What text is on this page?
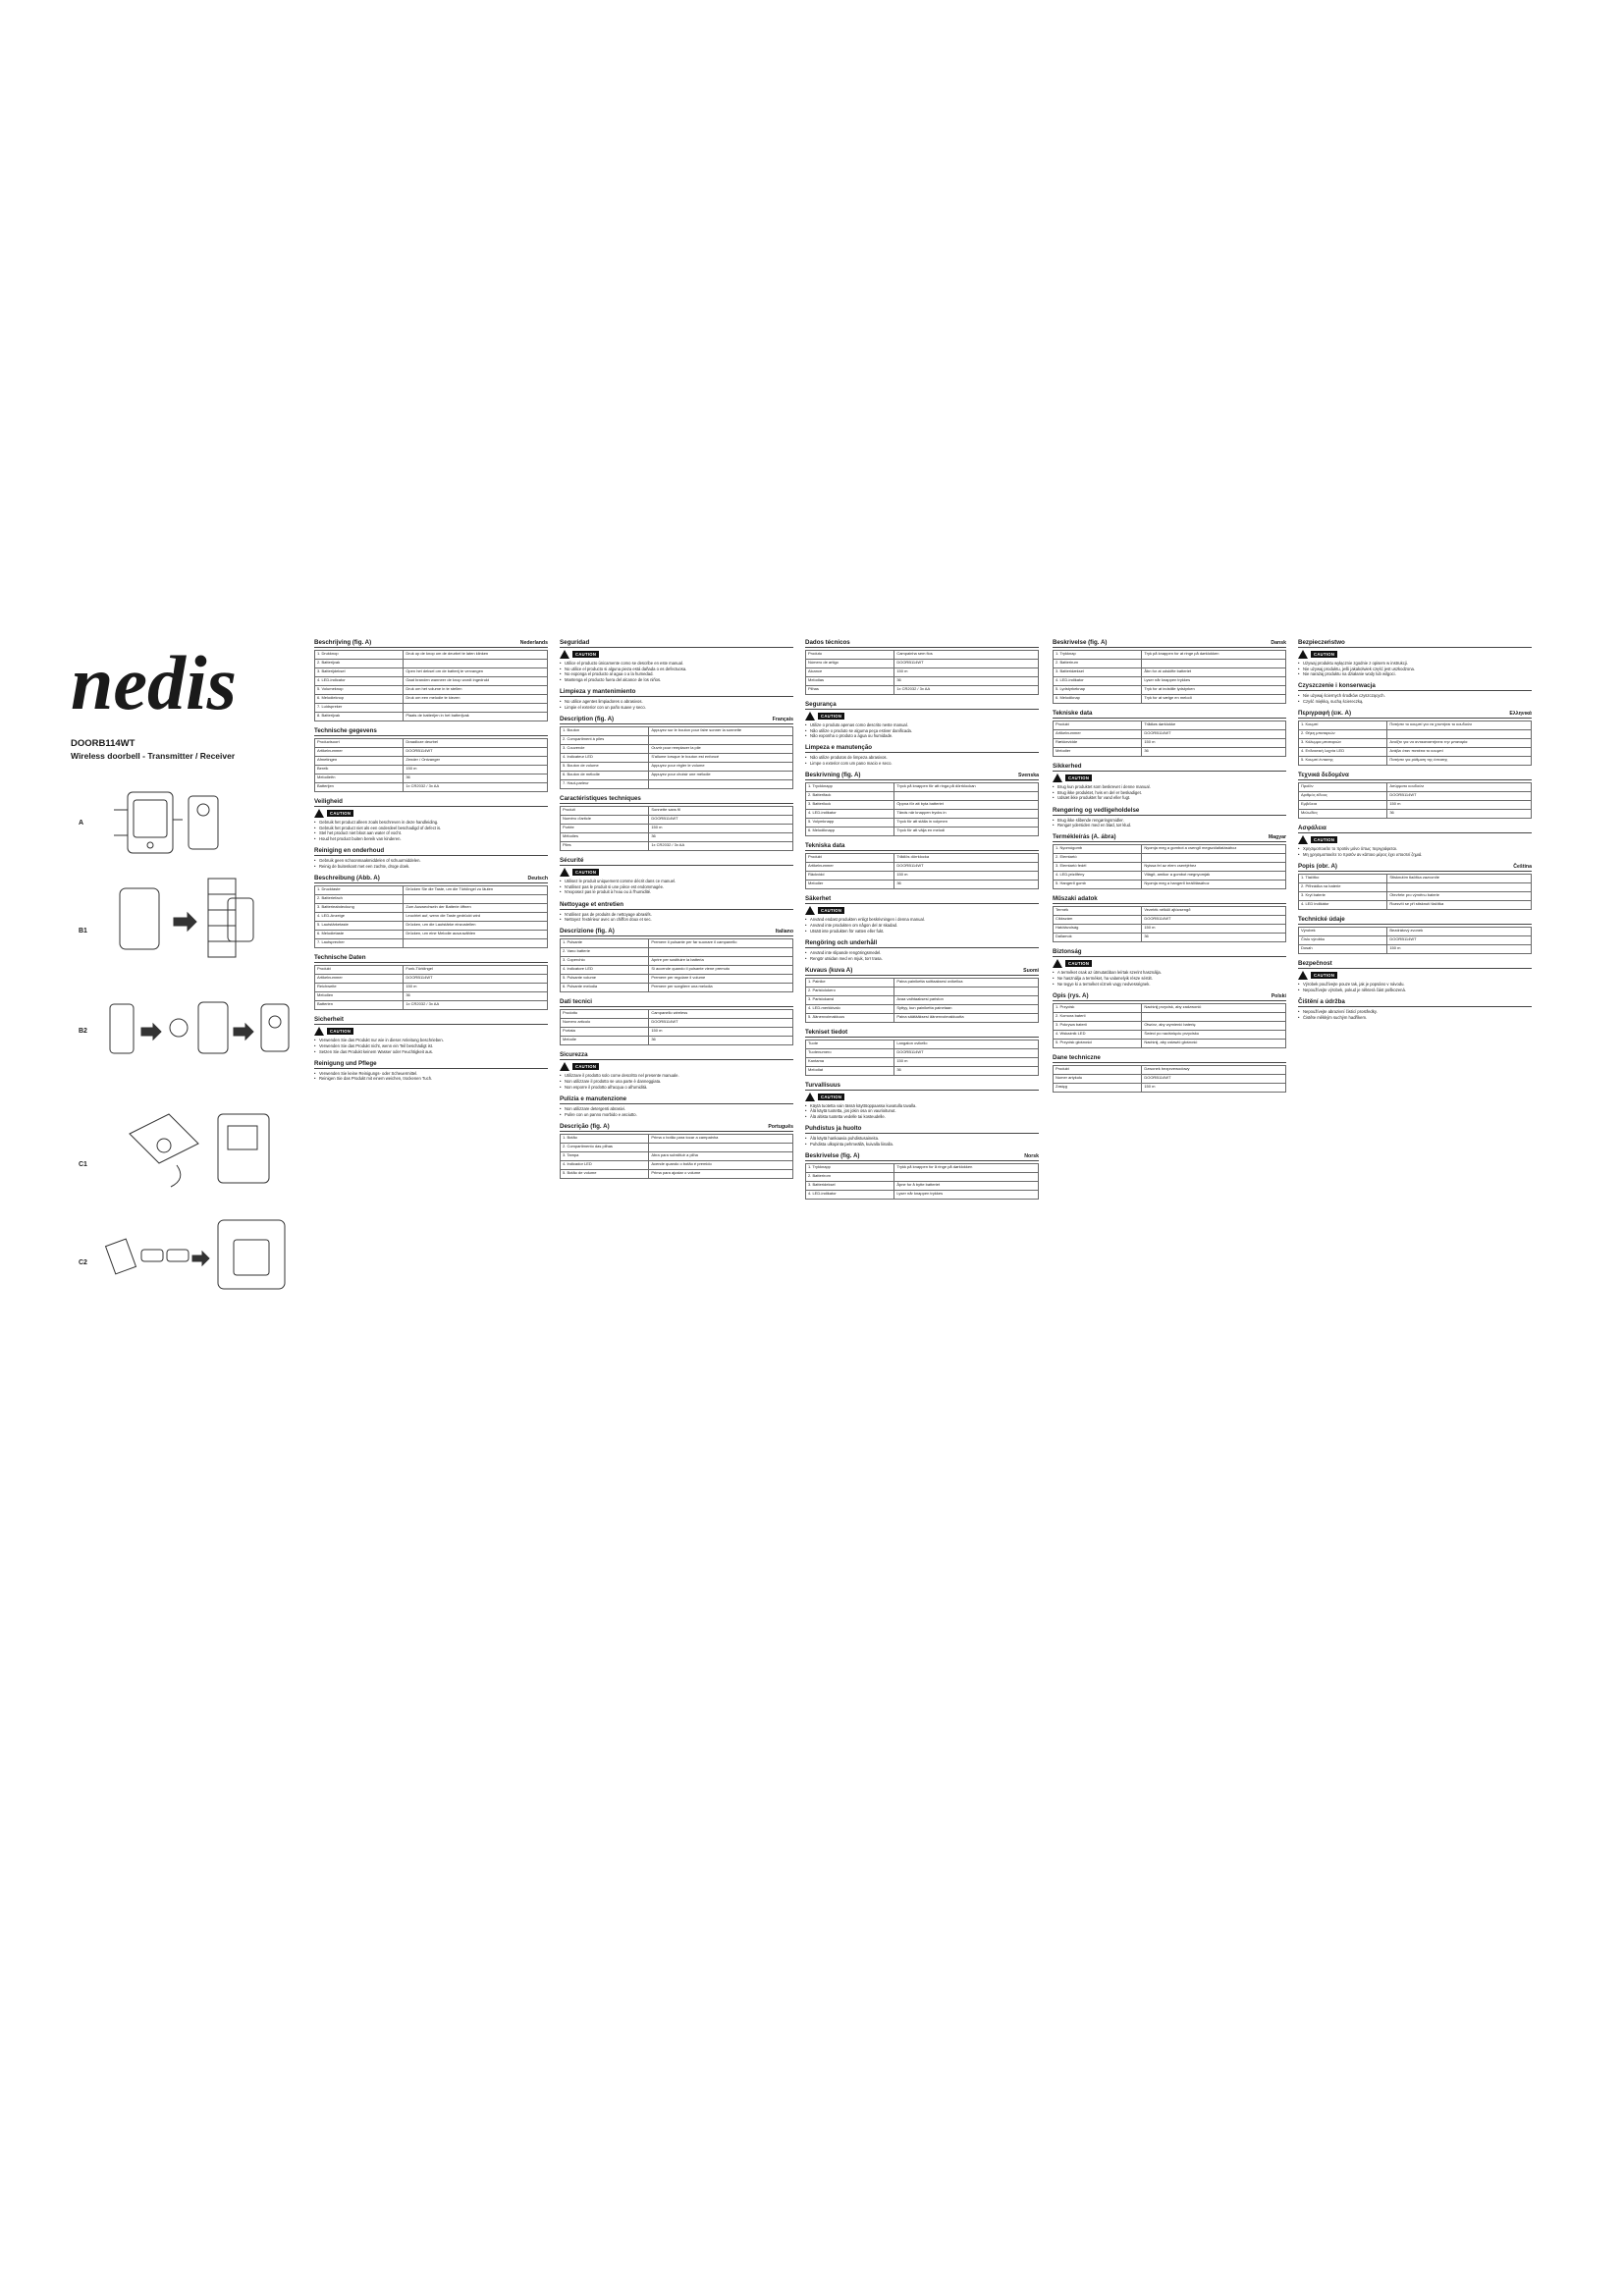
nedis
DOORB114WT
Wireless doorbell - Transmitter / Receiver
A
B1
B2
C1
C2
Beschrijving (fig. A)	Nederlands
1. Drukknop	Druk op de knop om de deurbel te laten klinken
2. Batterijvak	
3. Batterijdeksel	Open het deksel om de batterij te vervangen
4. LED-indicator	Gaat branden wanneer de knop wordt ingedrukt
5. Volumeknop	Druk om het volume in te stellen
6. Melodieknop	Druk om een melodie te kiezen
7. Luidspreker	
8. Batterijvak	Plaats de batterijen in het batterijvak
Technische gegevens
Productsoort	Draadloze deurbel
Artikelnummer	DOORB114WT
Afmetingen	Zender / Ontvanger
Bereik	150 m
Melodieën	36
Batterijen	1x CR2032 / 3x AA
Veiligheid
CAUTION
• Gebruik het product alleen zoals beschreven in deze handleiding.
• Gebruik het product niet als een onderdeel beschadigd of defect is.
• Stel het product niet bloot aan water of vocht.
• Houd het product buiten bereik van kinderen.
Reiniging en onderhoud
• Gebruik geen schoonmaakmiddelen of schuurmiddelen.
• Reinig de buitenkant met een zachte, droge doek.
Beschreibung (Abb. A)	Deutsch
1. Drucktaste	Drücken Sie die Taste, um die Türklingel zu läuten
2. Batteriefach	
3. Batterieabdeckung	Zum Auswechseln der Batterie öffnen
4. LED-Anzeige	Leuchtet auf, wenn die Taste gedrückt wird
5. Lautstärketaste	Drücken, um die Lautstärke einzustellen
6. Melodietaste	Drücken, um eine Melodie auszuwählen
7. Lautsprecher	
Technische Daten
Produkt	Funk-Türklingel
Artikelnummer	DOORB114WT
Reichweite	150 m
Melodien	36
Batterien	1x CR2032 / 3x AA
Sicherheit
CAUTION
• Verwenden Sie das Produkt nur wie in dieser Anleitung beschrieben.
• Verwenden Sie das Produkt nicht, wenn ein Teil beschädigt ist.
• Setzen Sie das Produkt keinem Wasser oder Feuchtigkeit aus.
Reinigung und Pflege
• Verwenden Sie keine Reinigungs- oder Scheuermittel.
• Reinigen Sie das Produkt mit einem weichen, trockenen Tuch.
Seguridad
CAUTION
• Utilice el producto únicamente como se describe en este manual.
• No utilice el producto si alguna pieza está dañada o es defectuosa.
• No exponga el producto al agua o a la humedad.
• Mantenga el producto fuera del alcance de los niños.
Limpieza y mantenimiento
• No utilice agentes limpiadores o abrasivos.
• Limpie el exterior con un paño suave y seco.
Description (fig. A)	Français
1. Bouton	Appuyez sur le bouton pour faire sonner la sonnette
2. Compartiment à piles	
3. Couvercle	Ouvrir pour remplacer la pile
4. Indicateur LED	S'allume lorsque le bouton est enfoncé
5. Bouton de volume	Appuyez pour régler le volume
6. Bouton de mélodie	Appuyez pour choisir une mélodie
7. Haut-parleur	
Caractéristiques techniques
Produit	Sonnette sans fil
Numéro d'article	DOORB114WT
Portée	150 m
Mélodies	36
Piles	1x CR2032 / 3x AA
Sécurité
CAUTION
• Utilisez le produit uniquement comme décrit dans ce manuel.
• N'utilisez pas le produit si une pièce est endommagée.
• N'exposez pas le produit à l'eau ou à l'humidité.
Nettoyage et entretien
• N'utilisez pas de produits de nettoyage abrasifs.
• Nettoyez l'extérieur avec un chiffon doux et sec.
Descrizione (fig. A)	Italiano
1. Pulsante	Premere il pulsante per far suonare il campanello
2. Vano batterie	
3. Coperchio	Aprire per sostituire la batteria
4. Indicatore LED	Si accende quando il pulsante viene premuto
5. Pulsante volume	Premere per regolare il volume
6. Pulsante melodia	Premere per scegliere una melodia
Dati tecnici
Prodotto	Campanello wireless
Numero articolo	DOORB114WT
Portata	150 m
Melodie	36
Sicurezza
CAUTION
• Utilizzare il prodotto solo come descritto nel presente manuale.
• Non utilizzare il prodotto se una parte è danneggiata.
• Non esporre il prodotto all'acqua o all'umidità.
Pulizia e manutenzione
• Non utilizzare detergenti abrasivi.
• Pulire con un panno morbido e asciutto.
Descrição (fig. A)	Português
1. Botão	Prima o botão para tocar a campainha
2. Compartimento das pilhas	
3. Tampa	Abra para substituir a pilha
4. Indicador LED	Acende quando o botão é premido
5. Botão de volume	Prima para ajustar o volume
Dados técnicos
Produto	Campainha sem fios
Número de artigo	DOORB114WT
Alcance	150 m
Melodias	36
Pilhas	1x CR2032 / 3x AA
Segurança
CAUTION
• Utilize o produto apenas como descrito neste manual.
• Não utilize o produto se alguma peça estiver danificada.
• Não exponha o produto a água ou humidade.
Limpeza e manutenção
• Não utilize produtos de limpeza abrasivos.
• Limpe o exterior com um pano macio e seco.
Beskrivning (fig. A)	Svenska
1. Tryckknapp	Tryck på knappen för att ringa på dörrklockan
2. Batterifack	
3. Batterilock	Öppna för att byta batteriet
4. LED-indikator	Tänds när knappen trycks in
5. Volymknapp	Tryck för att ställa in volymen
6. Melodiknapp	Tryck för att välja en melodi
Tekniska data
Produkt	Trådlös dörrklocka
Artikelnummer	DOORB114WT
Räckvidd	150 m
Melodier	36
Säkerhet
CAUTION
• Använd endast produkten enligt beskrivningen i denna manual.
• Använd inte produkten om någon del är skadad.
• Utsätt inte produkten för vatten eller fukt.
Rengöring och underhåll
• Använd inte slipande rengöringsmedel.
• Rengör utsidan med en mjuk, torr trasa.
Kuvaus (kuva A)	Suomi
1. Painike	Paina painiketta soittaaksesi ovikelloa
2. Paristolokero	
3. Paristokansi	Avaa vaihtaaksesi pariston
4. LED-merkkivalo	Syttyy, kun painiketta painetaan
5. Äänenvoimakkuus	Paina säätääksesi äänenvoimakkuutta
Tekniset tiedot
Tuote	Langaton ovikello
Tuotenumero	DOORB114WT
Kantama	150 m
Melodiat	36
Turvallisuus
CAUTION
• Käytä tuotetta vain tässä käyttöoppaassa kuvatulla tavalla.
• Älä käytä tuotetta, jos jokin osa on vaurioitunut.
• Älä altista tuotetta vedelle tai kosteudelle.
Puhdistus ja huolto
• Älä käytä hankaavia puhdistusaineita.
• Puhdista ulkopinta pehmeällä, kuivalla liinalla.
Beskrivelse (fig. A)	Norsk
1. Trykknapp	Trykk på knappen for å ringe på dørklokken
2. Batterirom	
3. Batterideksel	Åpne for å bytte batteriet
4. LED-indikator	Lyser når knappen trykkes
Beskrivelse (fig. A)	Dansk
1. Trykknap	Tryk på knappen for at ringe på dørklokken
2. Batterirum	
3. Batteridæksel	Åbn for at udskifte batteriet
4. LED-indikator	Lyser når knappen trykkes
5. Lydstyrkeknap	Tryk for at indstille lydstyrken
6. Melodiknap	Tryk for at vælge en melodi
Tekniske data
Produkt	Trådløs dørklokke
Artikelnummer	DOORB114WT
Rækkevidde	150 m
Melodier	36
Sikkerhed
CAUTION
• Brug kun produktet som beskrevet i denne manual.
• Brug ikke produktet, hvis en del er beskadiget.
• Udsæt ikke produktet for vand eller fugt.
Rengøring og vedligeholdelse
• Brug ikke slibende rengøringsmidler.
• Rengør ydersiden med en blød, tør klud.
Termékleírás (A. ábra)	Magyar
1. Nyomógomb	Nyomja meg a gombot a csengő megszólaltatásához
2. Elemtartó	
3. Elemtartó fedél	Nyissa fel az elem cseréjéhez
4. LED-jelzőfény	Világít, amikor a gombot megnyomják
5. Hangerő gomb	Nyomja meg a hangerő beállításához
Műszaki adatok
Termék	Vezeték nélküli ajtócsengő
Cikkszám	DOORB114WT
Hatótávolság	150 m
Dallamok	36
Biztonság
CAUTION
• A terméket csak az útmutatóban leírtak szerint használja.
• Ne használja a terméket, ha valamelyik része sérült.
• Ne tegye ki a terméket víznek vagy nedvességnek.
Opis (rys. A)	Polski
1. Przycisk	Naciśnij przycisk, aby zadzwonić
2. Komora baterii	
3. Pokrywa baterii	Otwórz, aby wymienić baterię
4. Wskaźnik LED	Świeci po naciśnięciu przycisku
5. Przycisk głośności	Naciśnij, aby ustawić głośność
Dane techniczne
Produkt	Dzwonek bezprzewodowy
Numer artykułu	DOORB114WT
Zasięg	150 m
Bezpieczeństwo
CAUTION
• Używaj produktu wyłącznie zgodnie z opisem w instrukcji.
• Nie używaj produktu, jeśli jakakolwiek część jest uszkodzona.
• Nie narażaj produktu na działanie wody lub wilgoci.
Czyszczenie i konserwacja
• Nie używaj ściernych środków czyszczących.
• Czyść miękką, suchą ściereczką.
Περιγραφή (εικ. A)	Ελληνικά
1. Κουμπί	Πατήστε το κουμπί για να χτυπήσει το κουδούνι
2. Θήκη μπαταριών	
3. Κάλυμμα μπαταριών	Ανοίξτε για να αντικαταστήσετε την μπαταρία
4. Ενδεικτική λυχνία LED	Ανάβει όταν πατιέται το κουμπί
5. Κουμπί έντασης	Πατήστε για ρύθμιση της έντασης
Τεχνικά δεδομένα
Προϊόν	Ασύρματο κουδούνι
Αριθμός είδους	DOORB114WT
Εμβέλεια	150 m
Μελωδίες	36
Ασφάλεια
CAUTION
• Χρησιμοποιείτε το προϊόν μόνο όπως περιγράφεται.
• Μη χρησιμοποιείτε το προϊόν αν κάποιο μέρος έχει υποστεί ζημιά.
Popis (obr. A)	Čeština
1. Tlačítko	Stisknutím tlačítka zazvoníte
2. Přihrádka na baterie	
3. Kryt baterie	Otevřete pro výměnu baterie
4. LED indikátor	Rozsvítí se při stisknutí tlačítka
Technické údaje
Výrobek	Bezdrátový zvonek
Číslo výrobku	DOORB114WT
Dosah	150 m
Bezpečnost
CAUTION
• Výrobek používejte pouze tak, jak je popsáno v návodu.
• Nepoužívejte výrobek, pokud je některá část poškozená.
Čištění a údržba
• Nepoužívejte abrazivní čisticí prostředky.
• Čistěte měkkým suchým hadříkem.
